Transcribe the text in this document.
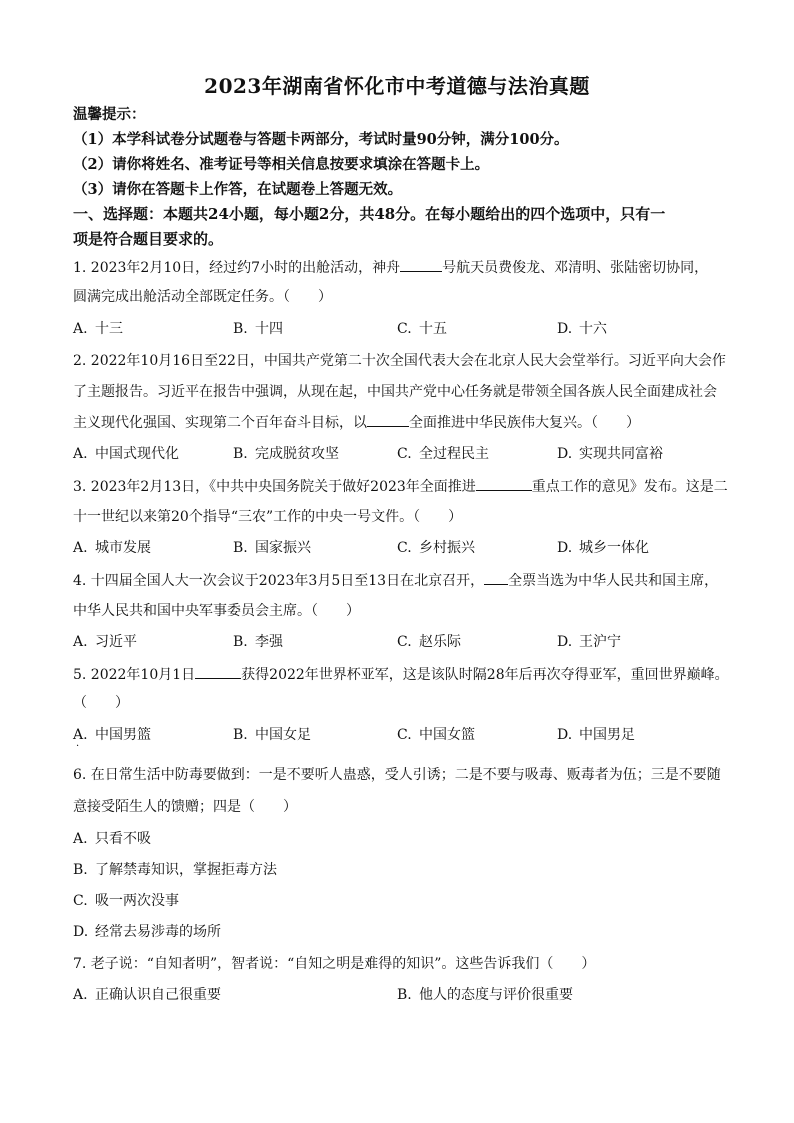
2023年湖南省怀化市中考道德与法治真题
温馨提示：
（1）本学科试卷分试题卷与答题卡两部分，考试时量90分钟，满分100分。
（2）请你将姓名、准考证号等相关信息按要求填涂在答题卡上。
（3）请你在答题卡上作答，在试题卷上答题无效。
一、选择题：本题共24小题，每小题2分，共48分。在每小题给出的四个选项中，只有一
项是符合题目要求的。
1. 2023年2月10日，经过约7小时的出舱活动，神舟	号航天员费俊龙、邓清明、张陆密切协同，
圆满完成出舱活动全部既定任务。（　　）
A. 十三	B. 十四	C. 十五	D. 十六
2. 2022年10月16日至22日，中国共产党第二十次全国代表大会在北京人民大会堂举行。习近平向大会作
了主题报告。习近平在报告中强调，从现在起，中国共产党中心任务就是带领全国各族人民全面建成社会
主义现代化强国、实现第二个百年奋斗目标，以	全面推进中华民族伟大复兴。（　　）
A. 中国式现代化	B. 完成脱贫攻坚	C. 全过程民主	D. 实现共同富裕
3. 2023年2月13日，《中共中央国务院关于做好2023年全面推进	重点工作的意见》发布。这是二
十一世纪以来第20个指导“三农”工作的中央一号文件。（　　）
A. 城市发展	B. 国家振兴	C. 乡村振兴	D. 城乡一体化
4. 十四届全国人大一次会议于2023年3月5日至13日在北京召开， 全票当选为中华人民共和国主席，
中华人民共和国中央军事委员会主席。（　　）
A. 习近平	B. 李强	C. 赵乐际	D. 王沪宁
5. 2022年10月1日	获得2022年世界杯亚军，这是该队时隔28年后再次夺得亚军，重回世界巅峰。
（　　）
A. 中国男篮	B. 中国女足	C. 中国女篮	D. 中国男足
·
6. 在日常生活中防毒要做到：一是不要听人蛊惑，受人引诱；二是不要与吸毒、贩毒者为伍；三是不要随
意接受陌生人的馈赠；四是（　　）
A. 只看不吸
B. 了解禁毒知识，掌握拒毒方法
C. 吸一两次没事
D. 经常去易涉毒的场所
7. 老子说：“自知者明”，智者说：“自知之明是难得的知识”。这些告诉我们（　　）
A. 正确认识自己很重要	B. 他人的态度与评价很重要
